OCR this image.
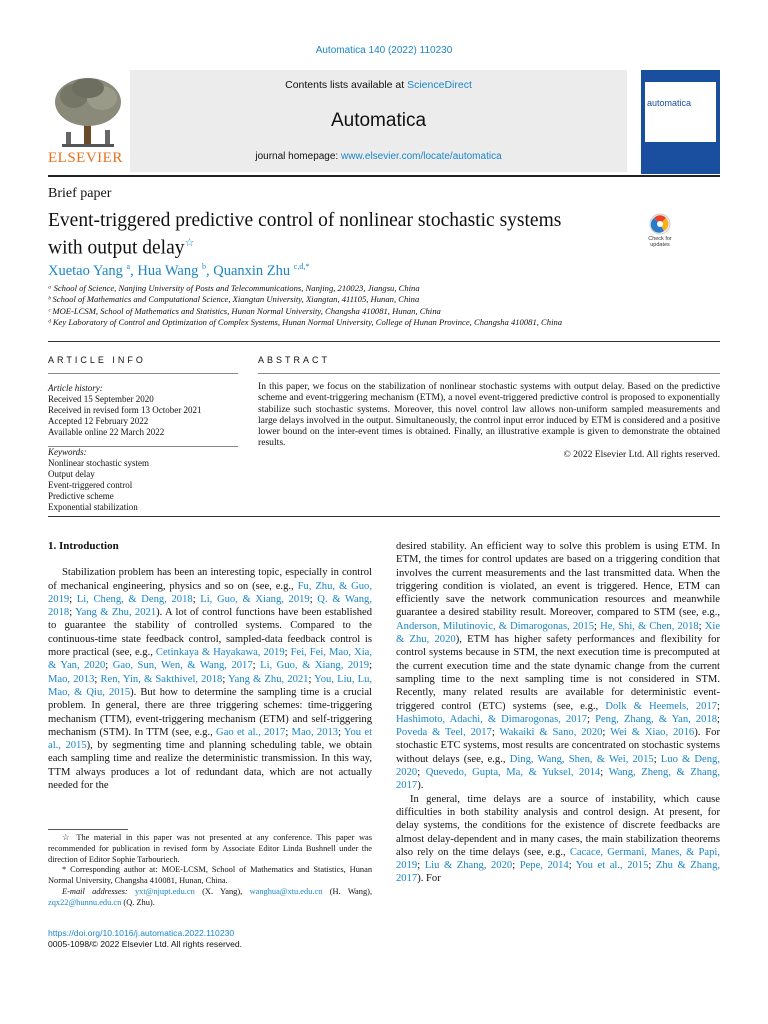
Automatica 140 (2022) 110230
ELSEVIER
Contents lists available at ScienceDirect
Automatica
journal homepage: www.elsevier.com/locate/automatica
automatica
Brief paper
Event-triggered predictive control of nonlinear stochastic systems
with output delay☆	Check for updates
Xuetao Yang $^a$, Hua Wang $^b$, Quanxin Zhu $^{c,d,*}$
ᵃ School of Science, Nanjing University of Posts and Telecommunications, Nanjing, 210023, Jiangsu, China
ᵇ School of Mathematics and Computational Science, Xiangtan University, Xiangtan, 411105, Hunan, China
ᶜ MOE-LCSM, School of Mathematics and Statistics, Hunan Normal University, Changsha 410081, Hunan, China
ᵈ Key Laboratory of Control and Optimization of Complex Systems, Hunan Normal University, College of Hunan Province, Changsha 410081, China
ARTICLE INFO	ABSTRACT
Article history:
Received 15 September 2020
Received in revised form 13 October 2021
Accepted 12 February 2022
Available online 22 March 2022
Keywords:
Nonlinear stochastic system
Output delay
Event-triggered control
Predictive scheme
Exponential stabilization
In this paper, we focus on the stabilization of nonlinear stochastic systems with output delay. Based on the predictive scheme and event-triggering mechanism (ETM), a novel event-triggered predictive control is proposed to exponentially stabilize such stochastic systems. Moreover, this novel control law allows non-uniform sampled measurements and large delays involved in the output. Simultaneously, the control input error induced by ETM is considered and a positive lower bound on the inter-event times is obtained. Finally, an illustrative example is given to demonstrate the obtained results.
© 2022 Elsevier Ltd. All rights reserved.
1. Introduction

Stabilization problem has been an interesting topic, especially in control of mechanical engineering, physics and so on (see, e.g., Fu, Zhu, & Guo, 2019; Li, Cheng, & Deng, 2018; Li, Guo, & Xiang, 2019; Q. & Wang, 2018; Yang & Zhu, 2021). A lot of control functions have been established to guarantee the stability of controlled systems. Compared to the continuous-time state feedback control, sampled-data feedback control is more practical (see, e.g., Cetinkaya & Hayakawa, 2019; Fei, Fei, Mao, Xia, & Yan, 2020; Gao, Sun, Wen, & Wang, 2017; Li, Guo, & Xiang, 2019; Mao, 2013; Ren, Yin, & Sakthivel, 2018; Yang & Zhu, 2021; You, Liu, Lu, Mao, & Qiu, 2015). But how to determine the sampling time is a crucial problem. In general, there are three triggering schemes: time-triggering mechanism (TTM), event-triggering mechanism (ETM) and self-triggering mechanism (STM). In TTM (see, e.g., Gao et al., 2017; Mao, 2013; You et al., 2015), by segmenting time and planning scheduling table, we obtain each sampling time and realize the deterministic transmission. In this way, TTM always produces a lot of redundant data, which are not actually needed for the

desired stability. An efficient way to solve this problem is using ETM. In ETM, the times for control updates are based on a triggering condition that involves the current measurements and the last transmitted data. When the triggering condition is violated, an event is triggered. Hence, ETM can efficiently save the network communication resources and meanwhile guarantee a desired stability result. Moreover, compared to STM (see, e.g., Anderson, Milutinovic, & Dimarogonas, 2015; He, Shi, & Chen, 2018; Xie & Zhu, 2020), ETM has higher safety performances and flexibility for control systems because in STM, the next execution time is precomputed at the current execution time and the state dynamic change from the current sampling time to the next sampling time is not considered in STM. Recently, many related results are available for deterministic event-triggered control (ETC) systems (see, e.g., Dolk & Heemels, 2017; Hashimoto, Adachi, & Dimarogonas, 2017; Peng, Zhang, & Yan, 2018; Poveda & Teel, 2017; Wakaiki & Sano, 2020; Wei & Xiao, 2016). For stochastic ETC systems, most results are concentrated on stochastic systems without delays (see, e.g., Ding, Wang, Shen, & Wei, 2015; Luo & Deng, 2020; Quevedo, Gupta, Ma, & Yuksel, 2014; Wang, Zheng, & Zhang, 2017).

In general, time delays are a source of instability, which cause difficulties in both stability analysis and control design. At present, for delay systems, the conditions for the existence of discrete feedbacks are almost delay-dependent and in many cases, the main stabilization theorems also rely on the time delays (see, e.g., Cacace, Germani, Manes, & Papi, 2019; Liu & Zhang, 2020; Pepe, 2014; You et al., 2015; Zhu & Zhang, 2017). For

☆ The material in this paper was not presented at any conference. This paper was recommended for publication in revised form by Associate Editor Linda Bushnell under the direction of Editor Sophie Tarbouriech.

* Corresponding author at: MOE-LCSM, School of Mathematics and Statistics, Hunan Normal University, Changsha 410081, Hunan, China.

E-mail addresses: yxt@njupt.edu.cn (X. Yang), wanghua@xtu.edu.cn (H. Wang), zqx22@hunnu.edu.cn (Q. Zhu).

https://doi.org/10.1016/j.automatica.2022.110230
0005-1098/© 2022 Elsevier Ltd. All rights reserved.
